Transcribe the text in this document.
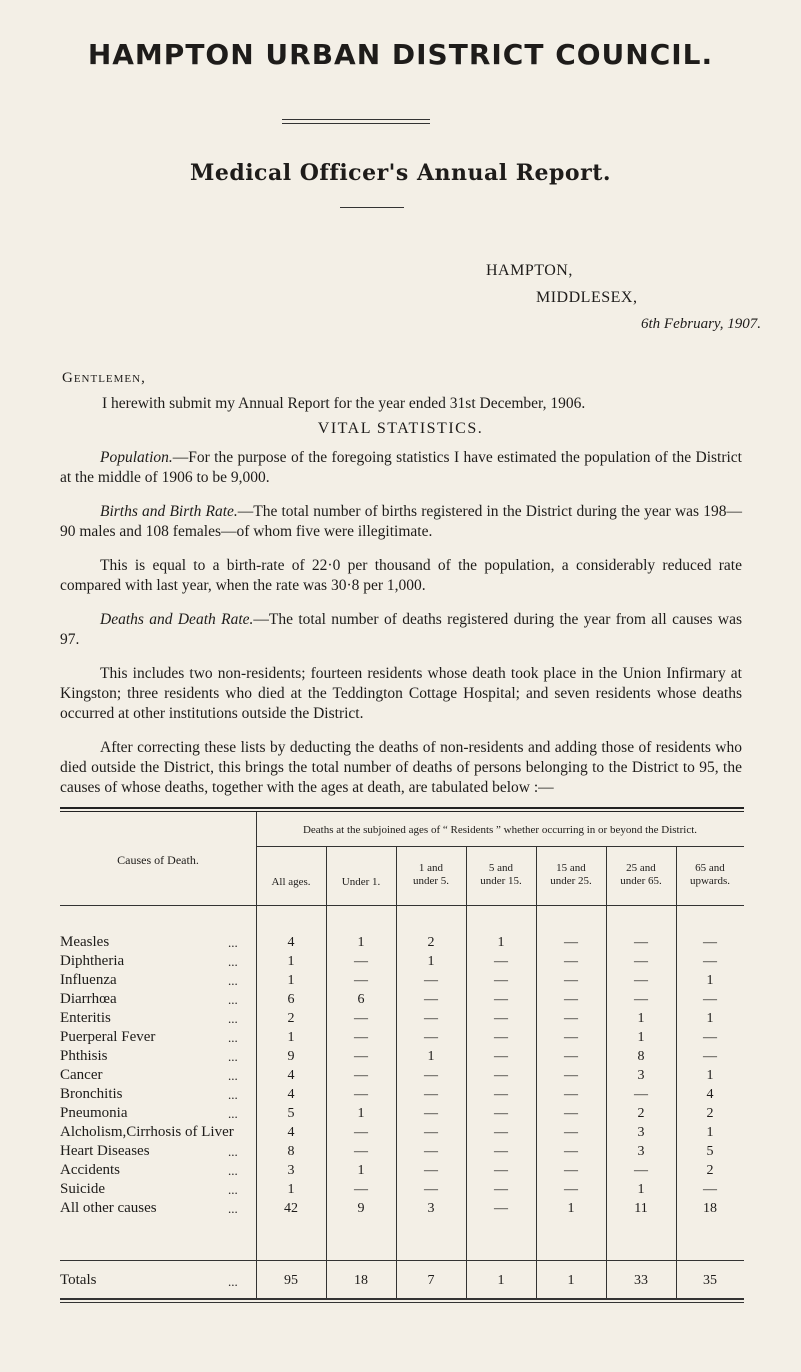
HAMPTON URBAN DISTRICT COUNCIL.
Medical Officer's Annual Report.
HAMPTON,
MIDDLESEX,
6th February, 1907.
Gentlemen,

I herewith submit my Annual Report for the year ended 31st December, 1906.

VITAL STATISTICS.

Population.—For the purpose of the foregoing statistics I have estimated the population of the District at the middle of 1906 to be 9,000.

Births and Birth Rate.—The total number of births registered in the District during the year was 198—90 males and 108 females—of whom five were illegitimate.

This is equal to a birth-rate of 22·0 per thousand of the population, a considerably reduced rate compared with last year, when the rate was 30·8 per 1,000.

Deaths and Death Rate.—The total number of deaths registered during the year from all causes was 97.

This includes two non-residents; fourteen residents whose death took place in the Union Infirmary at Kingston; three residents who died at the Teddington Cottage Hospital; and seven residents whose deaths occurred at other institutions outside the District.

After correcting these lists by deducting the deaths of non-residents and adding those of residents who died outside the District, this brings the total number of deaths of persons belonging to the District to 95, the causes of whose deaths, together with the ages at death, are tabulated below :—

Causes of Death.
Deaths at the subjoined ages of “ Residents ” whether occurring in or beyond the District.
All ages.	Under 1.
1 and
under 5.
5 and
under 15.
15 and
under 25.
25 and
under 65.
65 and
upwards.
Measles	...	4	1	2	1	—	—	—
Diphtheria	...	1	—	1	—	—	—	—
Influenza	...	1	—	—	—	—	—	1
Diarrhœa	...	6	6	—	—	—	—	—
Enteritis	...	2	—	—	—	—	1	1
Puerperal Fever	...	1	—	—	—	—	1	—
Phthisis	...	9	—	1	—	—	8	—
Cancer	...	4	—	—	—	—	3	1
Bronchitis	...	4	—	—	—	—	—	4
Pneumonia	...	5	1	—	—	—	2	2
Alcholism,Cirrhosis of Liver	4	—	—	—	—	3	1
Heart Diseases	...	8	—	—	—	—	3	5
Accidents	...	3	1	—	—	—	—	2
Suicide	...	1	—	—	—	—	1	—
All other causes	...	42	9	3	—	1	11	18
Totals	...	95	18	7	1	1	33	35
